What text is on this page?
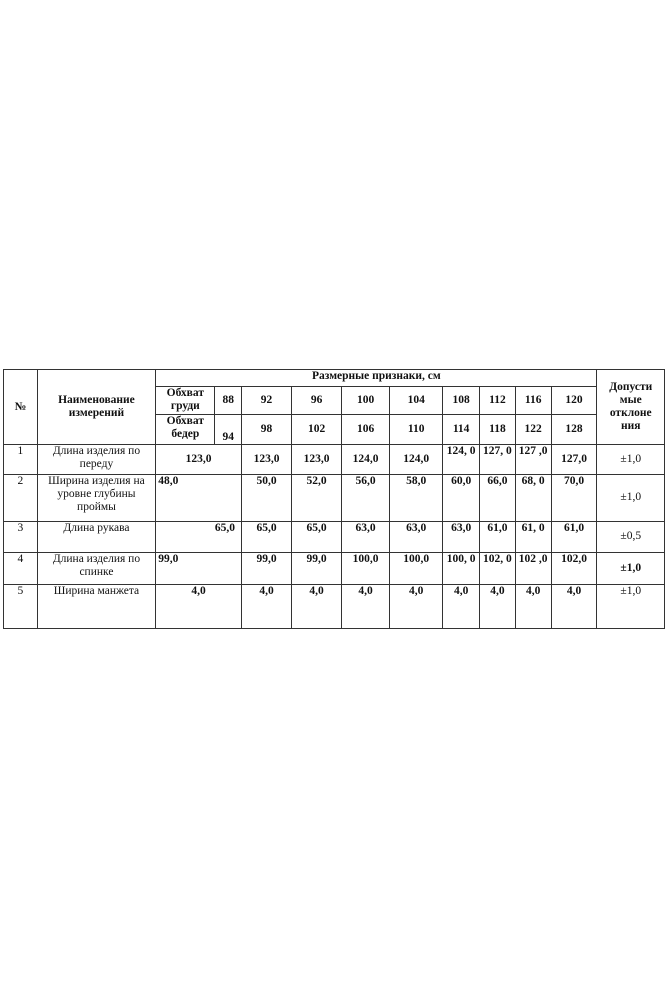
№	Наименование измерений	Размерные признаки, см										Допусти мые отклоне ния
		Обхват груди	88	92	96	100	104	108	112	116	120	
		Обхват бедер	94	98	102	106	110	114	118	122	128	
1	Длина изделия по переду	123,0		123,0	123,0	124,0	124,0	124, 0	127, 0	127 ,0	127,0	±1,0
2	Ширина изделия на уровне глубины проймы	48,0		50,0	52,0	56,0	58,0	60,0	66,0	68, 0	70,0	±1,0
3	Длина рукава	65,0		65,0	65,0	63,0	63,0	63,0	61,0	61, 0	61,0	±0,5
4	Длина изделия по спинке	99,0		99,0	99,0	100,0	100,0	100, 0	102, 0	102 ,0	102,0	±1,0
5	Ширина манжета	4,0		4,0	4,0	4,0	4,0	4,0	4,0	4,0	4,0	±1,0
